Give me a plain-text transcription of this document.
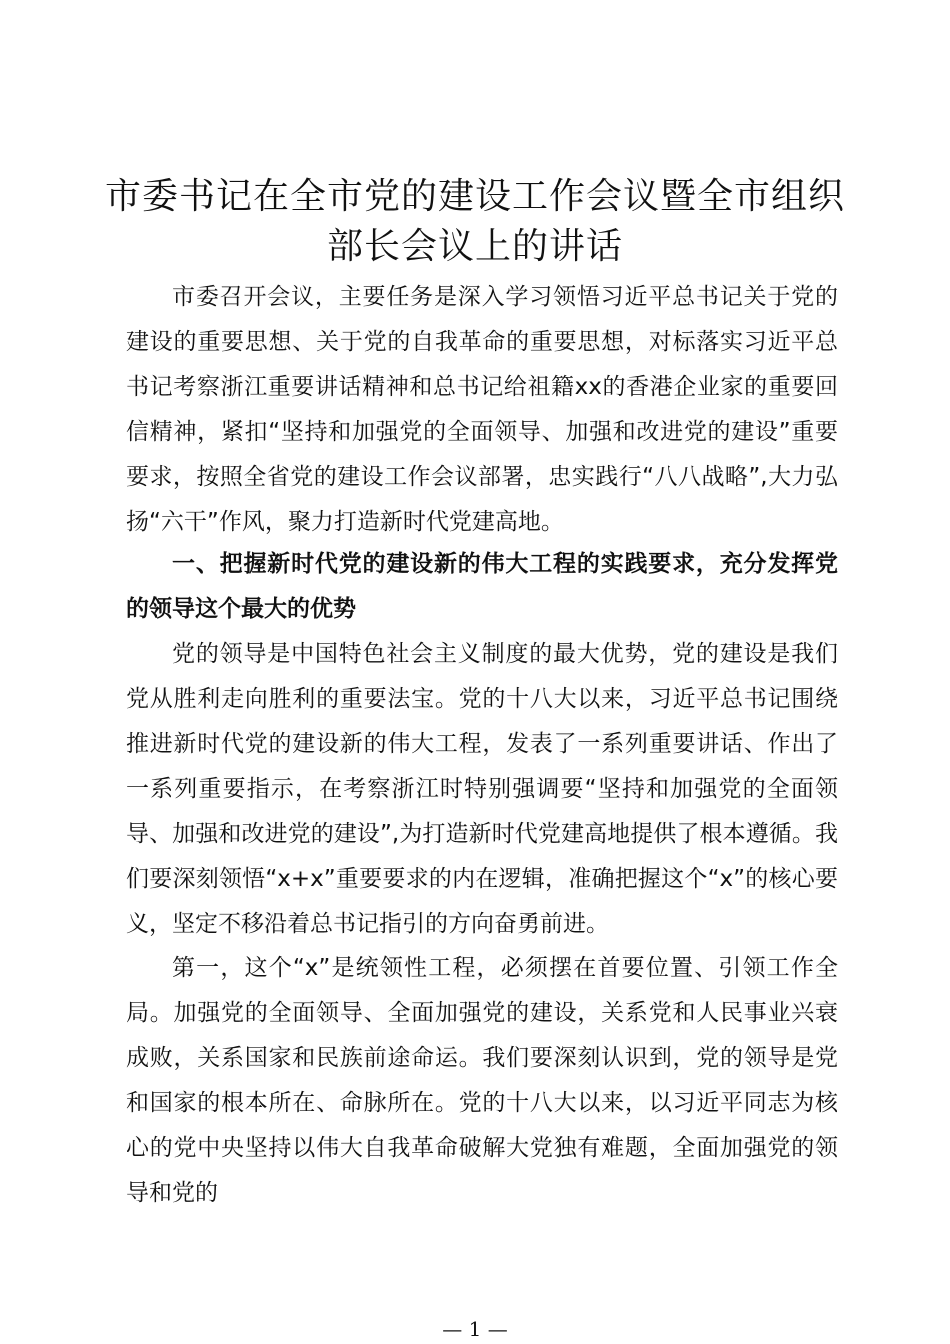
市委书记在全市党的建设工作会议暨全市组织
部长会议上的讲话

市委召开会议，主要任务是深入学习领悟习近平总书记关于党的建设的重要思想、关于党的自我革命的重要思想，对标落实习近平总书记考察浙江重要讲话精神和总书记给祖籍xx的香港企业家的重要回信精神，紧扣“坚持和加强党的全面领导、加强和改进党的建设”重要要求，按照全省党的建设工作会议部署，忠实践行“八八战略”,大力弘扬“六干”作风，聚力打造新时代党建高地。

一、把握新时代党的建设新的伟大工程的实践要求，充分发挥党的领导这个最大的优势

党的领导是中国特色社会主义制度的最大优势，党的建设是我们党从胜利走向胜利的重要法宝。党的十八大以来，习近平总书记围绕推进新时代党的建设新的伟大工程，发表了一系列重要讲话、作出了一系列重要指示，在考察浙江时特别强调要“坚持和加强党的全面领导、加强和改进党的建设”,为打造新时代党建高地提供了根本遵循。我们要深刻领悟“x+x”重要要求的内在逻辑，准确把握这个“x”的核心要义，坚定不移沿着总书记指引的方向奋勇前进。

第一，这个“x”是统领性工程，必须摆在首要位置、引领工作全局。加强党的全面领导、全面加强党的建设，关系党和人民事业兴衰成败，关系国家和民族前途命运。我们要深刻认识到，党的领导是党和国家的根本所在、命脉所在。党的十八大以来，以习近平同志为核心的党中央坚持以伟大自我革命破解大党独有难题，全面加强党的领导和党的

— 1 —
